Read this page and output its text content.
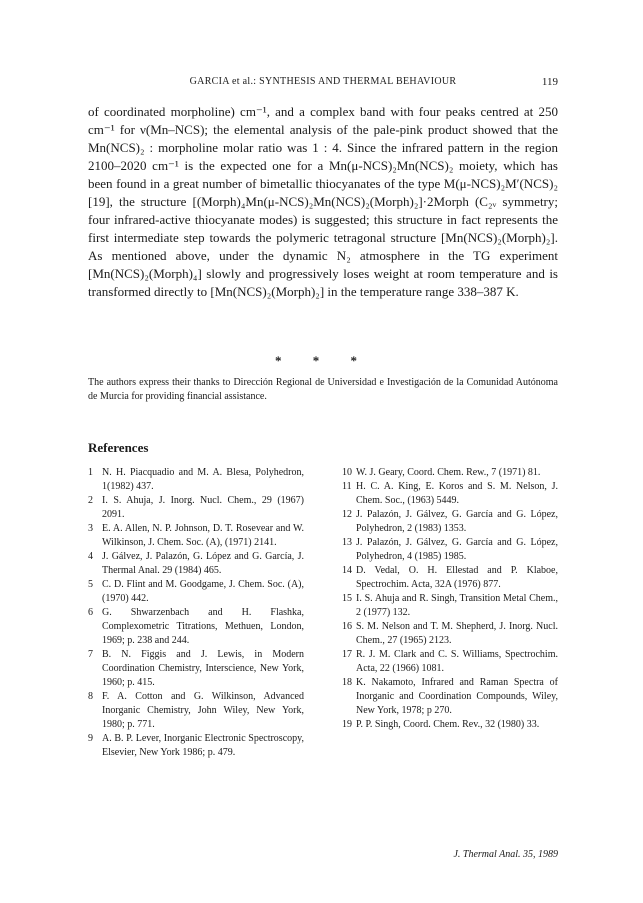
GARCIA et al.: SYNTHESIS AND THERMAL BEHAVIOUR	119

of coordinated morpholine) cm⁻¹, and a complex band with four peaks centred at 250 cm⁻¹ for ν(Mn–NCS); the elemental analysis of the pale-pink product showed that the Mn(NCS)₂ : morpholine molar ratio was 1 : 4. Since the infrared pattern in the region 2100–2020 cm⁻¹ is the expected one for a Mn(μ-NCS)₂Mn(NCS)₂ moiety, which has been found in a great number of bimetallic thiocyanates of the type M(μ-NCS)₂M′(NCS)₂ [19], the structure [(Morph)₄Mn(μ-NCS)₂Mn(NCS)₂(Morph)₂]·2Morph (C₂ᵥ symmetry; four infrared-active thiocyanate modes) is suggested; this structure in fact represents the first intermediate step towards the polymeric tetragonal structure [Mn(NCS)₂(Morph)₂]. As mentioned above, under the dynamic N₂ atmosphere in the TG experiment [Mn(NCS)₂(Morph)₄] slowly and progressively loses weight at room temperature and is transformed directly to [Mn(NCS)₂(Morph)₂] in the temperature range 338–387 K.

* * *
The authors express their thanks to Dirección Regional de Universidad e Investigación de la Comunidad Autónoma de Murcia for providing financial assistance.
References
1 N. H. Piacquadio and M. A. Blesa, Polyhedron, 1(1982) 437.
2 I. S. Ahuja, J. Inorg. Nucl. Chem., 29 (1967) 2091.
3 E. A. Allen, N. P. Johnson, D. T. Rosevear and W. Wilkinson, J. Chem. Soc. (A), (1971) 2141.
4 J. Gálvez, J. Palazón, G. López and G. García, J. Thermal Anal. 29 (1984) 465.
5 C. D. Flint and M. Goodgame, J. Chem. Soc. (A), (1970) 442.
6 G. Shwarzenbach and H. Flashka, Complexometric Titrations, Methuen, London, 1969; p. 238 and 244.
7 B. N. Figgis and J. Lewis, in Modern Coordination Chemistry, Interscience, New York, 1960; p. 415.
8 F. A. Cotton and G. Wilkinson, Advanced Inorganic Chemistry, John Wiley, New York, 1980; p. 771.
9 A. B. P. Lever, Inorganic Electronic Spectroscopy, Elsevier, New York 1986; p. 479.
10 W. J. Geary, Coord. Chem. Rew., 7 (1971) 81.
11 H. C. A. King, E. Koros and S. M. Nelson, J. Chem. Soc., (1963) 5449.
12 J. Palazón, J. Gálvez, G. García and G. López, Polyhedron, 2 (1983) 1353.
13 J. Palazón, J. Gálvez, G. García and G. López, Polyhedron, 4 (1985) 1985.
14 D. Vedal, O. H. Ellestad and P. Klaboe, Spectrochim. Acta, 32A (1976) 877.
15 I. S. Ahuja and R. Singh, Transition Metal Chem., 2 (1977) 132.
16 S. M. Nelson and T. M. Shepherd, J. Inorg. Nucl. Chem., 27 (1965) 2123.
17 R. J. M. Clark and C. S. Williams, Spectrochim. Acta, 22 (1966) 1081.
18 K. Nakamoto, Infrared and Raman Spectra of Inorganic and Coordination Compounds, Wiley, New York, 1978; p 270.
19 P. P. Singh, Coord. Chem. Rev., 32 (1980) 33.
J. Thermal Anal. 35, 1989
